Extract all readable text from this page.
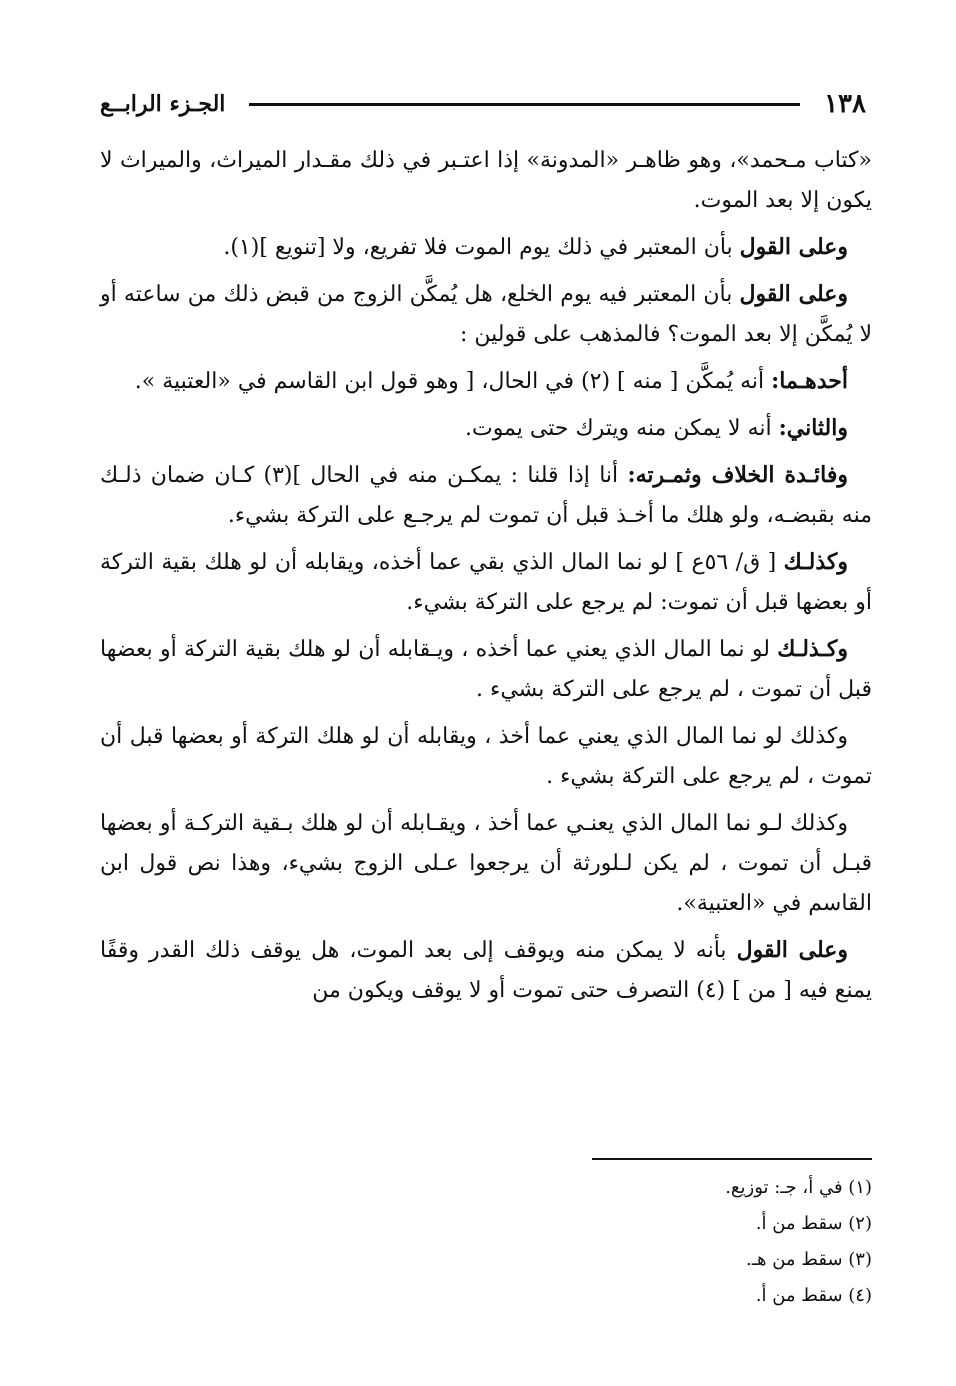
١٣٨
الجـزء الرابــع

«كتاب مـحمد»، وهو ظاهـر «المدونة» إذا اعتـبر في ذلك مقـدار الميراث، والميراث لا يكون إلا بعد الموت.

وعلى القول بأن المعتبر في ذلك يوم الموت فلا تفريع، ولا [تنويع ](١).

وعلى القول بأن المعتبر فيه يوم الخلع، هل يُمكَّن الزوج من قبض ذلك من ساعته أو لا يُمكَّن إلا بعد الموت؟ فالمذهب على قولين :

أحدهـما: أنه يُمكَّن [ منه ] (٢) في الحال، [ وهو قول ابن القاسم في «العتبية ».

والثاني: أنه لا يمكن منه ويترك حتى يموت.

وفائـدة الخلاف وثمـرته: أنا إذا قلنا : يمكـن منه في الحال ](٣) كـان ضمان ذلـك منه بقبضـه، ولو هلك ما أخـذ قبل أن تموت لم يرجـع على التركة بشيء.

وكذلـك [ ق/ ٥٦ع ] لو نما المال الذي بقي عما أخذه، ويقابله أن لو هلك بقية التركة أو بعضها قبل أن تموت: لم يرجع على التركة بشيء.

وكـذلـك لو نما المال الذي يعني عما أخذه ، ويـقابله أن لو هلك بقية التركة أو بعضها قبل أن تموت ، لم يرجع على التركة بشيء .

وكذلك لو نما المال الذي يعني عما أخذ ، ويقابله أن لو هلك التركة أو بعضها قبل أن تموت ، لم يرجع على التركة بشيء .

وكذلك لـو نما المال الذي يعنـي عما أخذ ، ويقـابله أن لو هلك بـقية التركـة أو بعضها قبـل أن تموت ، لم يكن لـلورثة أن يرجعوا عـلى الزوج بشيء، وهذا نص قول ابن القاسم في «العتبية».

وعلى القول بأنه لا يمكن منه ويوقف إلى بعد الموت، هل يوقف ذلك القدر وقفًا يمنع فيه [ من ] (٤) التصرف حتى تموت أو لا يوقف ويكون من

(١) في أ، جـ: توزيع.
(٢) سقط من أ.
(٣) سقط من هـ.
(٤) سقط من أ.
